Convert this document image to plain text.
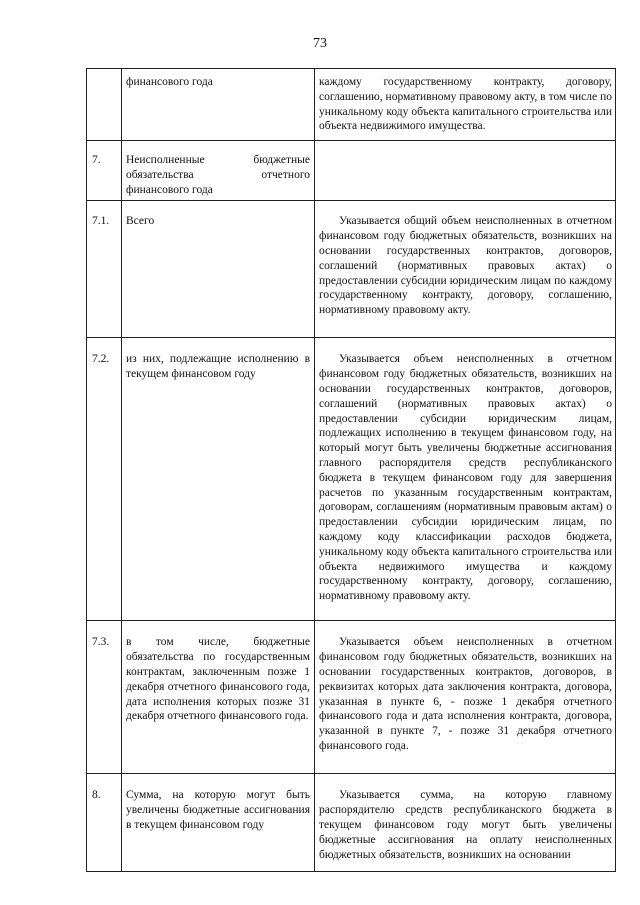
73
	финансового года	каждому государственному контракту, договору, соглашению, нормативному правовому акту, в том числе по уникальному коду объекта капитального строительства или объекта недвижимого имущества.
7.	Неисполненные бюджетные обязательства отчетного финансового года	
7.1.	Всего	Указывается общий объем неисполненных в отчетном финансовом году бюджетных обязательств, возникших на основании государственных контрактов, договоров, соглашений (нормативных правовых актах) о предоставлении субсидии юридическим лицам по каждому государственному контракту, договору, соглашению, нормативному правовому акту.
7.2.	из них, подлежащие исполнению в текущем финансовом году	Указывается объем неисполненных в отчетном финансовом году бюджетных обязательств, возникших на основании государственных контрактов, договоров, соглашений (нормативных правовых актах) о предоставлении субсидии юридическим лицам, подлежащих исполнению в текущем финансовом году, на который могут быть увеличены бюджетные ассигнования главного распорядителя средств республиканского бюджета в текущем финансовом году для завершения расчетов по указанным государственным контрактам, договорам, соглашениям (нормативным правовым актам) о предоставлении субсидии юридическим лицам, по каждому коду классификации расходов бюджета, уникальному коду объекта капитального строительства или объекта недвижимого имущества и каждому государственному контракту, договору, соглашению, нормативному правовому акту.
7.3.	в том числе, бюджетные обязательства по государственным контрактам, заключенным позже 1 декабря отчетного финансового года, дата исполнения которых позже 31 декабря отчетного финансового года.	Указывается объем неисполненных в отчетном финансовом году бюджетных обязательств, возникших на основании государственных контрактов, договоров, в реквизитах которых дата заключения контракта, договора, указанная в пункте 6, - позже 1 декабря отчетного финансового года и дата исполнения контракта, договора, указанной в пункте 7, - позже 31 декабря отчетного финансового года.
8.	Сумма, на которую могут быть увеличены бюджетные ассигнования в текущем финансовом году	Указывается сумма, на которую главному распорядителю средств республиканского бюджета в текущем финансовом году могут быть увеличены бюджетные ассигнования на оплату неисполненных бюджетных обязательств, возникших на основании
